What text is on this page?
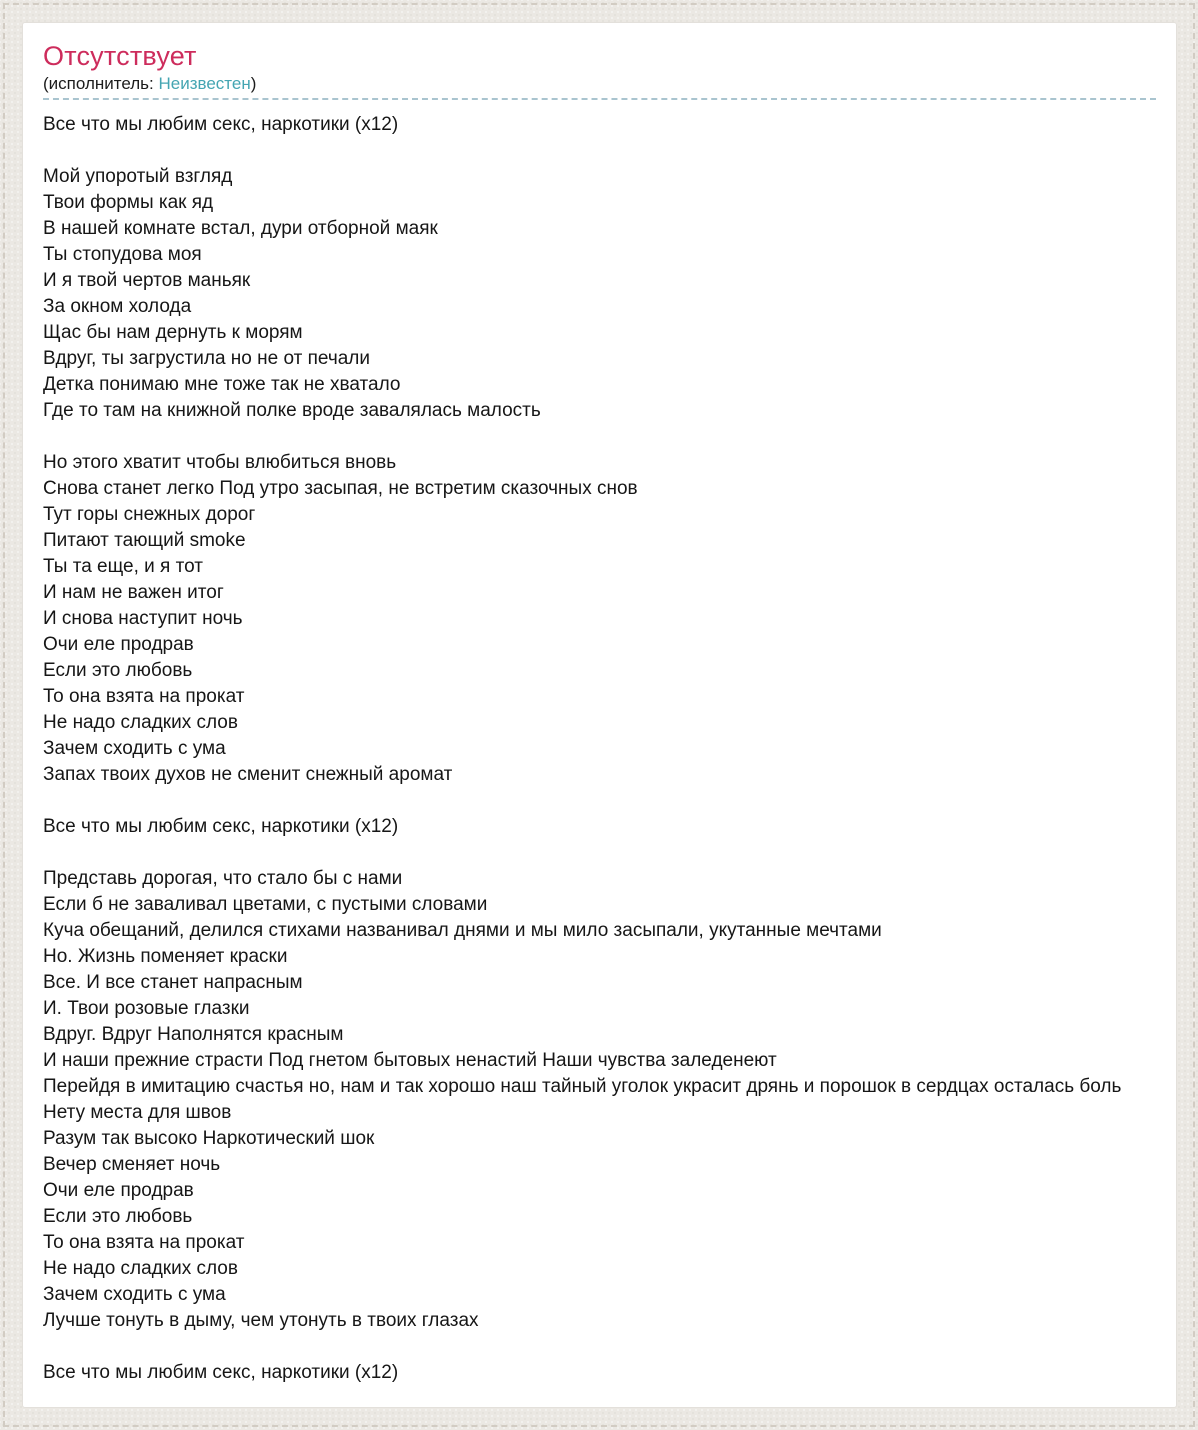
Отсутствует
(исполнитель: Неизвестен)
Все что мы любим секс, наркотики (х12)

Мой упоротый взгляд
Твои формы как яд
В нашей комнате встал, дури отборной маяк
Ты стопудова моя
И я твой чертов маньяк
За окном холода
Щас бы нам дернуть к морям
Вдруг, ты загрустила но не от печали
Детка понимаю мне тоже так не хватало
Где то там на книжной полке вроде завалялась малость

Но этого хватит чтобы влюбиться вновь
Снова станет легко Под утро засыпая, не встретим сказочных снов
Тут горы снежных дорог
Питают тающий smoke
Ты та еще, и я тот
И нам не важен итог
И снова наступит ночь
Очи еле продрав
Если это любовь
То она взята на прокат
Не надо сладких слов
Зачем сходить с ума
Запах твоих духов не сменит снежный аромат

Все что мы любим секс, наркотики (х12)

Представь дорогая, что стало бы с нами
Если б не заваливал цветами, с пустыми словами
Куча обещаний, делился стихами названивал днями и мы мило засыпали, укутанные мечтами
Но. Жизнь поменяет краски
Все. И все станет напрасным
И. Твои розовые глазки
Вдруг. Вдруг Наполнятся красным
И наши прежние страсти Под гнетом бытовых ненастий Наши чувства заледенеют
Перейдя в имитацию счастья но, нам и так хорошо наш тайный уголок украсит дрянь и порошок в сердцах осталась боль
Нету места для швов
Разум так высоко Наркотический шок
Вечер сменяет ночь
Очи еле продрав
Если это любовь
То она взята на прокат
Не надо сладких слов
Зачем сходить с ума
Лучше тонуть в дыму, чем утонуть в твоих глазах

Все что мы любим секс, наркотики (х12)
